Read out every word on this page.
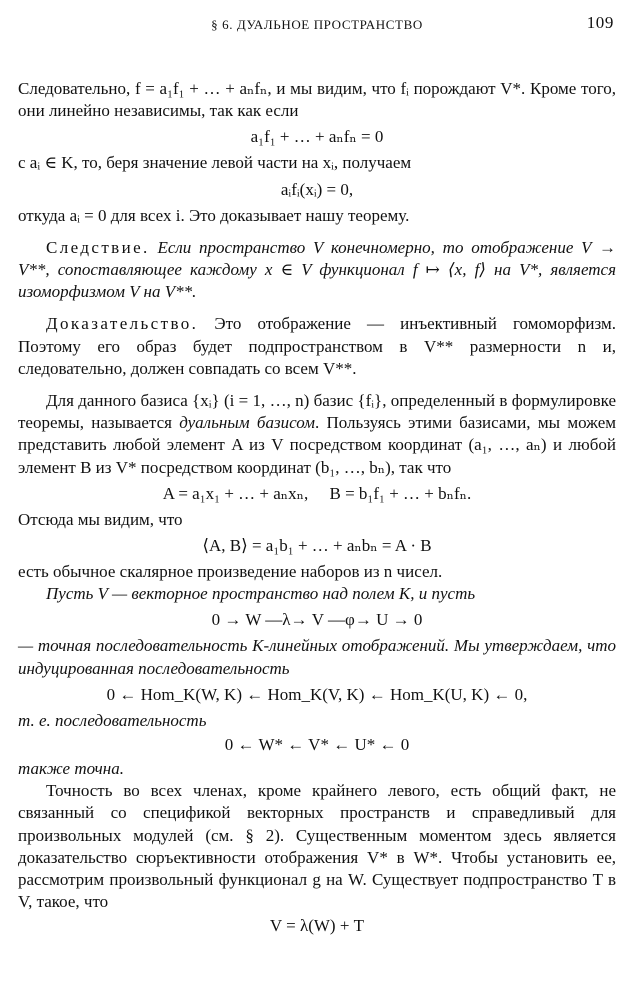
§ 6. ДУАЛЬНОЕ ПРОСТРАНСТВО	109

Следовательно, f = a₁f₁ + … + aₙfₙ, и мы видим, что fᵢ порождают V*. Кроме того, они линейно независимы, так как если

a₁f₁ + … + aₙfₙ = 0

с aᵢ ∈ K, то, беря значение левой части на xᵢ, получаем

aᵢfᵢ(xᵢ) = 0,

откуда aᵢ = 0 для всех i. Это доказывает нашу теорему.

Следствие. Если пространство V конечномерно, то отображение V → V**, сопоставляющее каждому x ∈ V функционал f ↦ ⟨x, f⟩ на V*, является изоморфизмом V на V**.

Доказательство. Это отображение — инъективный гомоморфизм. Поэтому его образ будет подпространством в V** размерности n и, следовательно, должен совпадать со всем V**.

Для данного базиса {xᵢ} (i = 1, …, n) базис {fᵢ}, определенный в формулировке теоремы, называется дуальным базисом. Пользуясь этими базисами, мы можем представить любой элемент A из V посредством координат (a₁, …, aₙ) и любой элемент B из V* посредством координат (b₁, …, bₙ), так что

A = a₁x₁ + … + aₙxₙ,     B = b₁f₁ + … + bₙfₙ.

Отсюда мы видим, что

⟨A, B⟩ = a₁b₁ + … + aₙbₙ = A · B

есть обычное скалярное произведение наборов из n чисел.

Пусть V — векторное пространство над полем K, и пусть

0 → W —λ→ V —φ→ U → 0

— точная последовательность K-линейных отображений. Мы утверждаем, что индуцированная последовательность

0 ← Hom_K(W, K) ← Hom_K(V, K) ← Hom_K(U, K) ← 0,

т. е. последовательность

0 ← W* ← V* ← U* ← 0

также точна.

Точность во всех членах, кроме крайнего левого, есть общий факт, не связанный со спецификой векторных пространств и справедливый для произвольных модулей (см. § 2). Существенным моментом здесь является доказательство сюръективности отображения V* в W*. Чтобы установить ее, рассмотрим произвольный функционал g на W. Существует подпространство T в V, такое, что

V = λ(W) + T
